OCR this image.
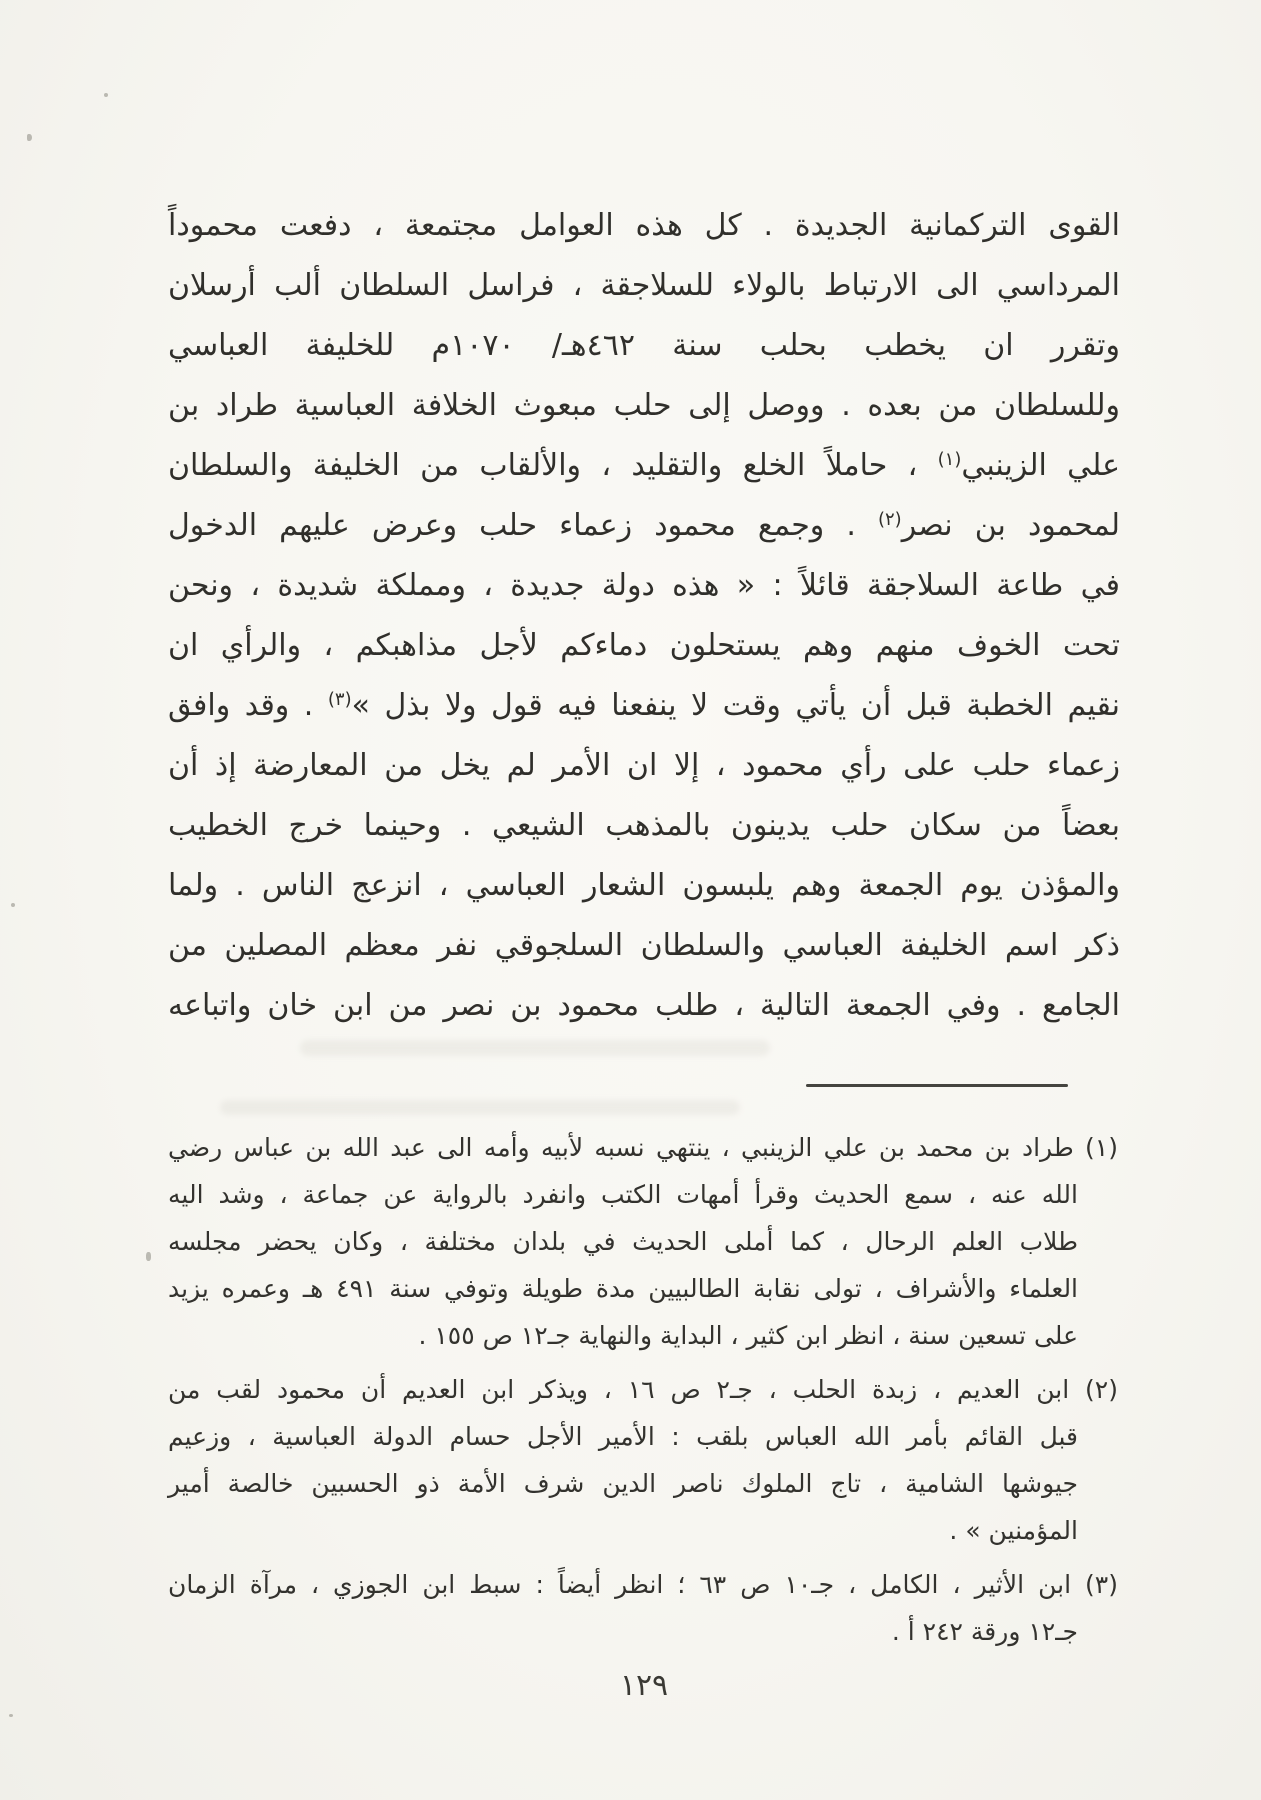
القوى التركمانية الجديدة . كل هذه العوامل مجتمعة ، دفعت محموداً
المرداسي الى الارتباط بالولاء للسلاجقة ، فراسل السلطان ألب أرسلان
وتقرر ان يخطب بحلب سنة ٤٦٢هـ/ ١٠٧٠م للخليفة العباسي
وللسلطان من بعده . ووصل إلى حلب مبعوث الخلافة العباسية طراد بن
علي الزينبي$^{(١)}$ ، حاملاً الخلع والتقليد ، والألقاب من الخليفة والسلطان
لمحمود بن نصر$^{(٢)}$ . وجمع محمود زعماء حلب وعرض عليهم الدخول
في طاعة السلاجقة قائلاً : « هذه دولة جديدة ، ومملكة شديدة ، ونحن
تحت الخوف منهم وهم يستحلون دماءكم لأجل مذاهبكم ، والرأي ان
نقيم الخطبة قبل أن يأتي وقت لا ينفعنا فيه قول ولا بذل »$^{(٣)}$ . وقد وافق
زعماء حلب على رأي محمود ، إلا ان الأمر لم يخل من المعارضة إذ أن
بعضاً من سكان حلب يدينون بالمذهب الشيعي . وحينما خرج الخطيب
والمؤذن يوم الجمعة وهم يلبسون الشعار العباسي ، انزعج الناس . ولما
ذكر اسم الخليفة العباسي والسلطان السلجوقي نفر معظم المصلين من
الجامع . وفي الجمعة التالية ، طلب محمود بن نصر من ابن خان واتباعه
(١) طراد بن محمد بن علي الزينبي ، ينتهي نسبه لأبيه وأمه الى عبد الله بن عباس رضي
الله عنه ، سمع الحديث وقرأ أمهات الكتب وانفرد بالرواية عن جماعة ، وشد اليه
طلاب العلم الرحال ، كما أملى الحديث في بلدان مختلفة ، وكان يحضر مجلسه
العلماء والأشراف ، تولى نقابة الطالبيين مدة طويلة وتوفي سنة ٤٩١ هـ وعمره يزيد
على تسعين سنة ، انظر ابن كثير ، البداية والنهاية جـ١٢ ص ١٥٥ .
(٢) ابن العديم ، زبدة الحلب ، جـ٢ ص ١٦ ، ويذكر ابن العديم أن محمود لقب من
قبل القائم بأمر الله العباس بلقب : الأمير الأجل حسام الدولة العباسية ، وزعيم
جيوشها الشامية ، تاج الملوك ناصر الدين شرف الأمة ذو الحسبين خالصة أمير
المؤمنين » .
(٣) ابن الأثير ، الكامل ، جـ١٠ ص ٦٣ ؛ انظر أيضاً : سبط ابن الجوزي ، مرآة الزمان
جـ١٢ ورقة ٢٤٢ أ .
١٢٩
